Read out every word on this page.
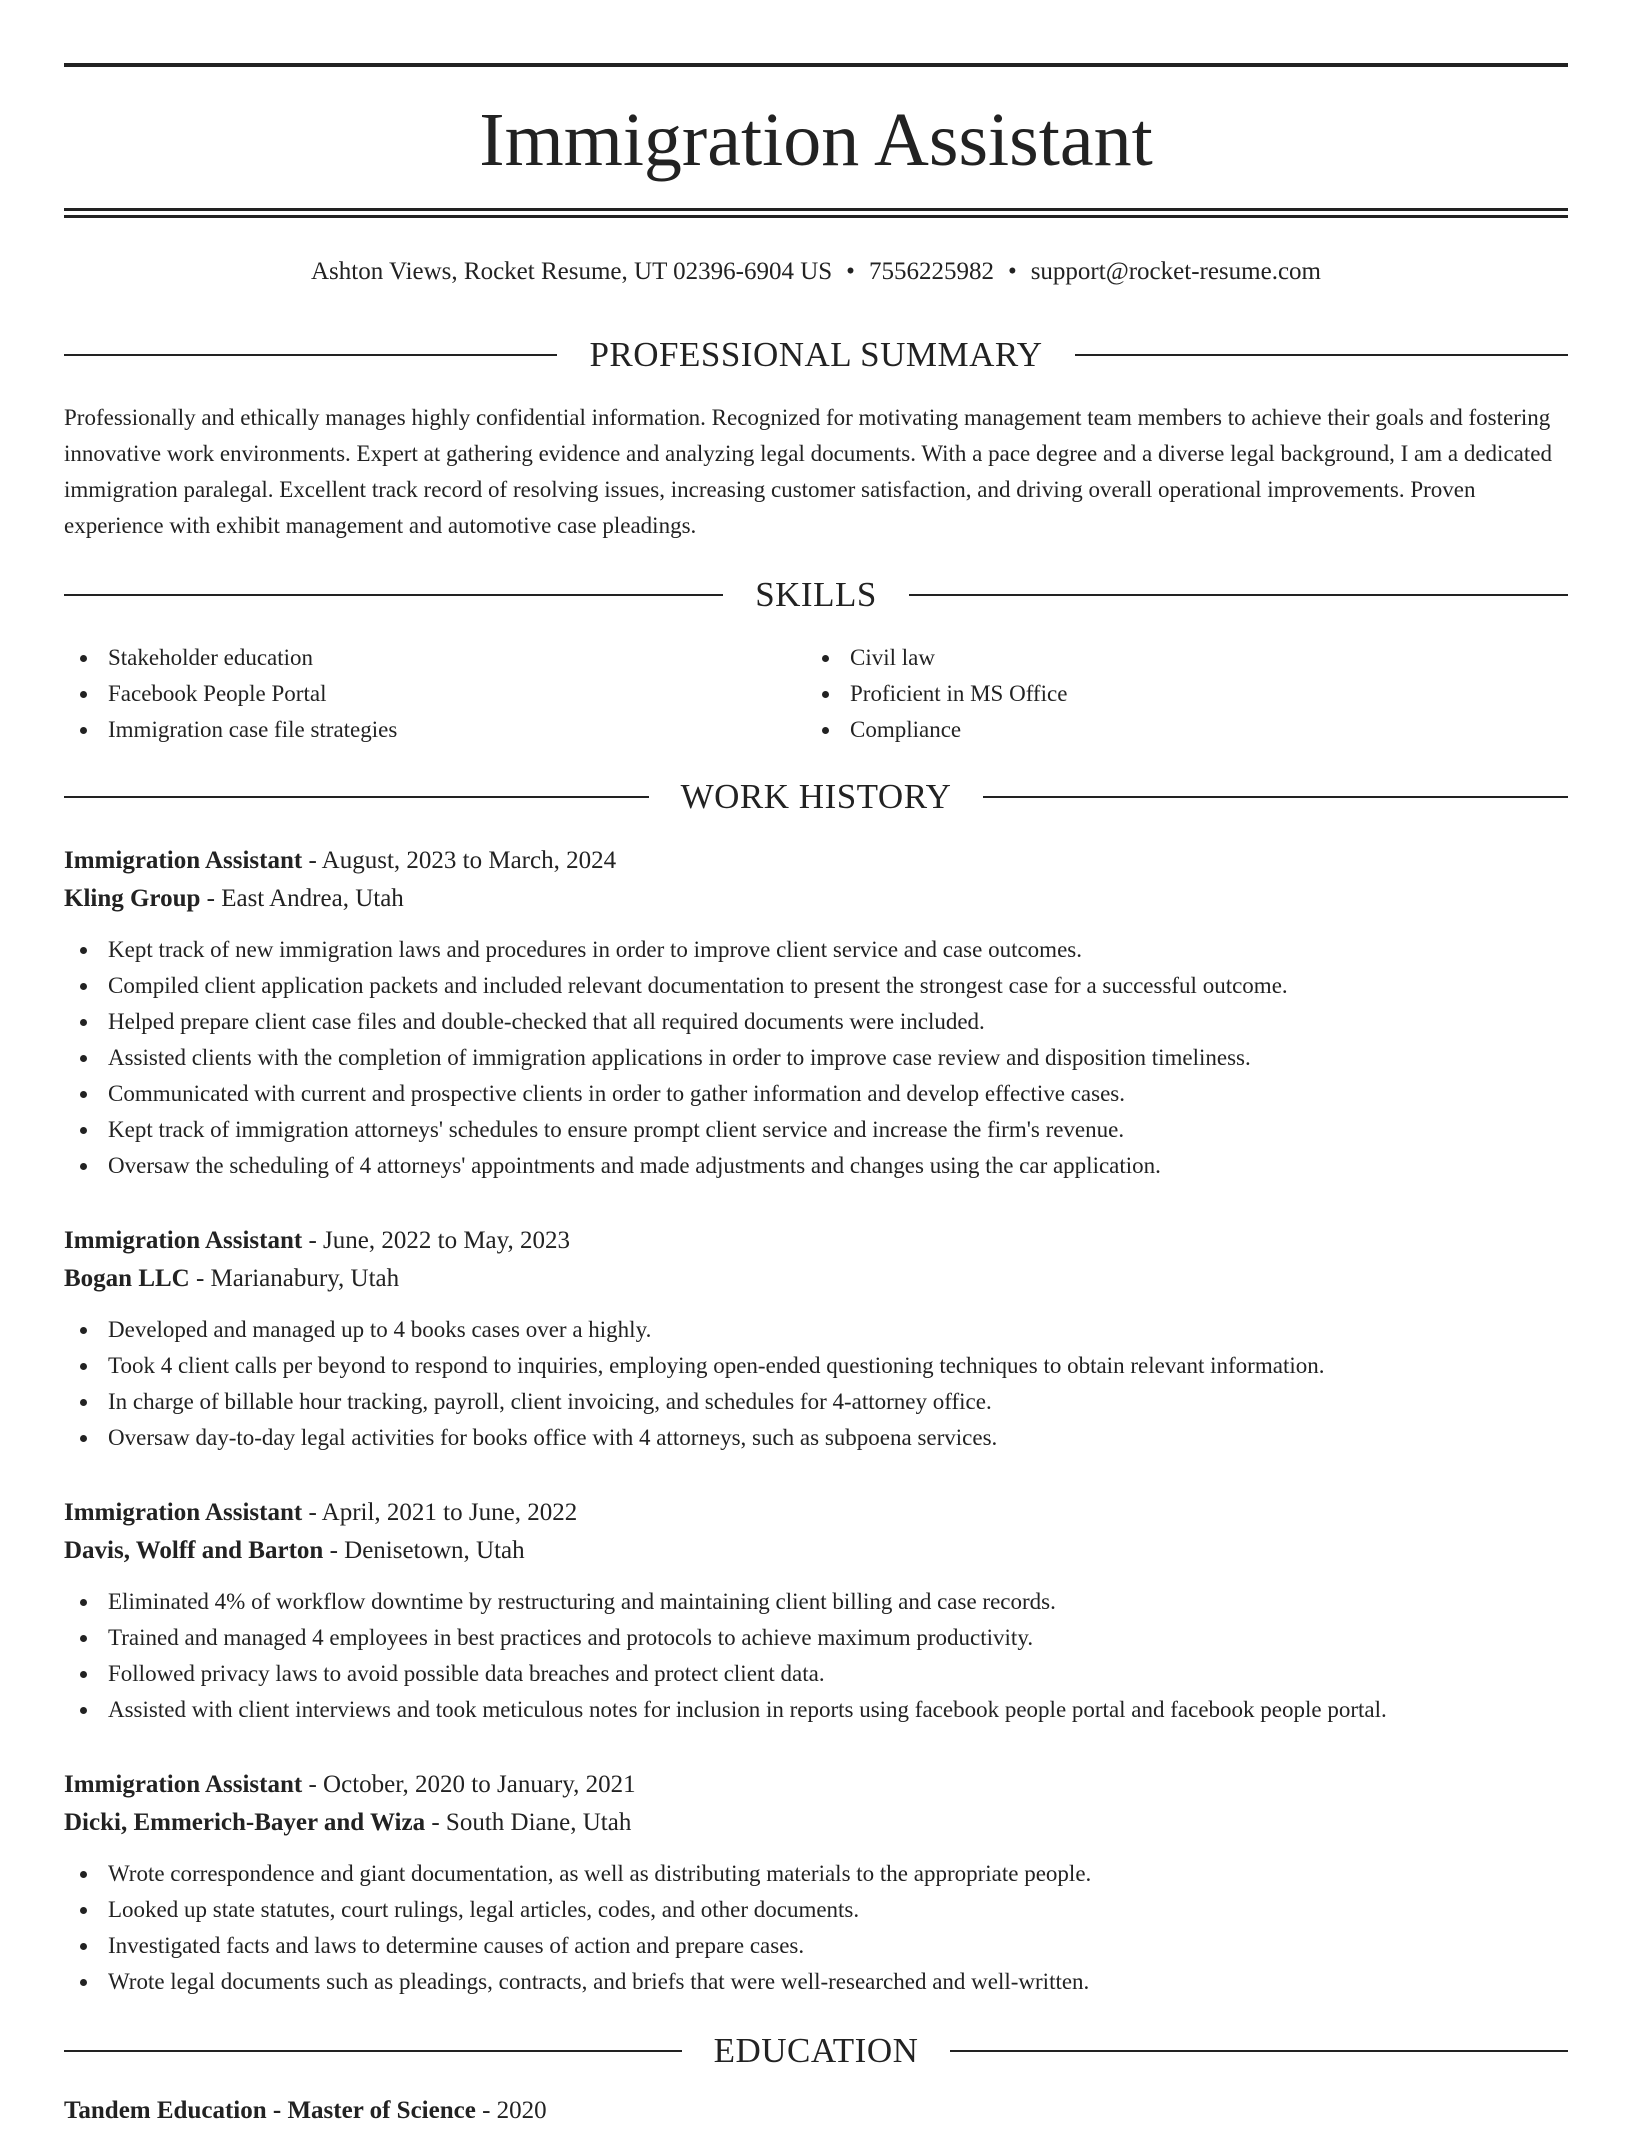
Immigration Assistant
Ashton Views, Rocket Resume, UT 02396-6904 US • 7556225982 • support@rocket-resume.com
PROFESSIONAL SUMMARY

Professionally and ethically manages highly confidential information. Recognized for motivating management team members to achieve their goals and fostering innovative work environments. Expert at gathering evidence and analyzing legal documents. With a pace degree and a diverse legal background, I am a dedicated immigration paralegal. Excellent track record of resolving issues, increasing customer satisfaction, and driving overall operational improvements. Proven experience with exhibit management and automotive case pleadings.

SKILLS
Stakeholder education
Facebook People Portal
Immigration case file strategies
Civil law
Proficient in MS Office
Compliance
WORK HISTORY
Immigration Assistant - August, 2023 to March, 2024
Kling Group - East Andrea, Utah
Kept track of new immigration laws and procedures in order to improve client service and case outcomes.
Compiled client application packets and included relevant documentation to present the strongest case for a successful outcome.
Helped prepare client case files and double-checked that all required documents were included.
Assisted clients with the completion of immigration applications in order to improve case review and disposition timeliness.
Communicated with current and prospective clients in order to gather information and develop effective cases.
Kept track of immigration attorneys' schedules to ensure prompt client service and increase the firm's revenue.
Oversaw the scheduling of 4 attorneys' appointments and made adjustments and changes using the car application.
Immigration Assistant - June, 2022 to May, 2023
Bogan LLC - Marianabury, Utah
Developed and managed up to 4 books cases over a highly.
Took 4 client calls per beyond to respond to inquiries, employing open-ended questioning techniques to obtain relevant information.
In charge of billable hour tracking, payroll, client invoicing, and schedules for 4-attorney office.
Oversaw day-to-day legal activities for books office with 4 attorneys, such as subpoena services.
Immigration Assistant - April, 2021 to June, 2022
Davis, Wolff and Barton - Denisetown, Utah
Eliminated 4% of workflow downtime by restructuring and maintaining client billing and case records.
Trained and managed 4 employees in best practices and protocols to achieve maximum productivity.
Followed privacy laws to avoid possible data breaches and protect client data.
Assisted with client interviews and took meticulous notes for inclusion in reports using facebook people portal and facebook people portal.
Immigration Assistant - October, 2020 to January, 2021
Dicki, Emmerich-Bayer and Wiza - South Diane, Utah
Wrote correspondence and giant documentation, as well as distributing materials to the appropriate people.
Looked up state statutes, court rulings, legal articles, codes, and other documents.
Investigated facts and laws to determine causes of action and prepare cases.
Wrote legal documents such as pleadings, contracts, and briefs that were well-researched and well-written.
EDUCATION
Tandem Education - Master of Science - 2020
